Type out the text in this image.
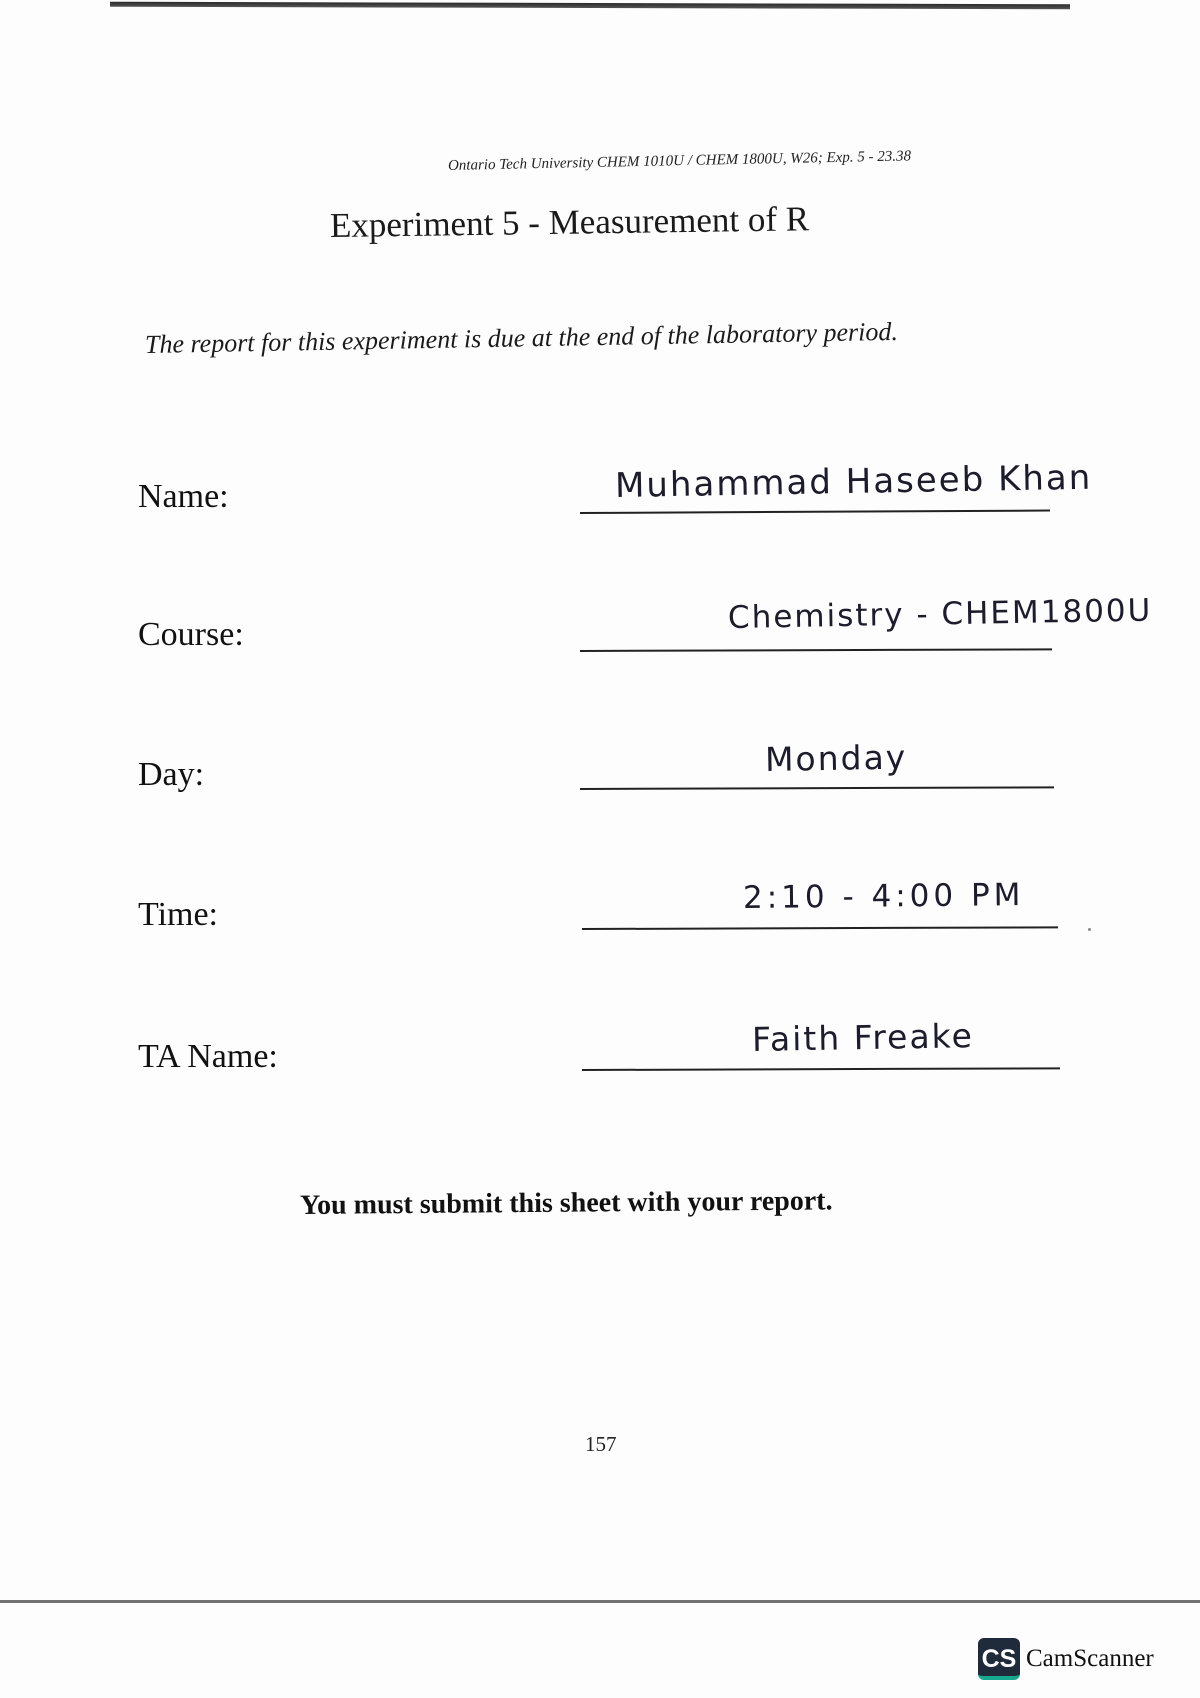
Ontario Tech University CHEM 1010U / CHEM 1800U, W26; Exp. 5 - 23.38
Experiment 5 - Measurement of R
The report for this experiment is due at the end of the laboratory period.
Name:	Muhammad Haseeb Khan
Course:	Chemistry - CHEM1800U
Day:	Monday
Time:	2:10 - 4:00 PM
TA Name:	Faith Freake
You must submit this sheet with your report.
157
CS CamScanner
